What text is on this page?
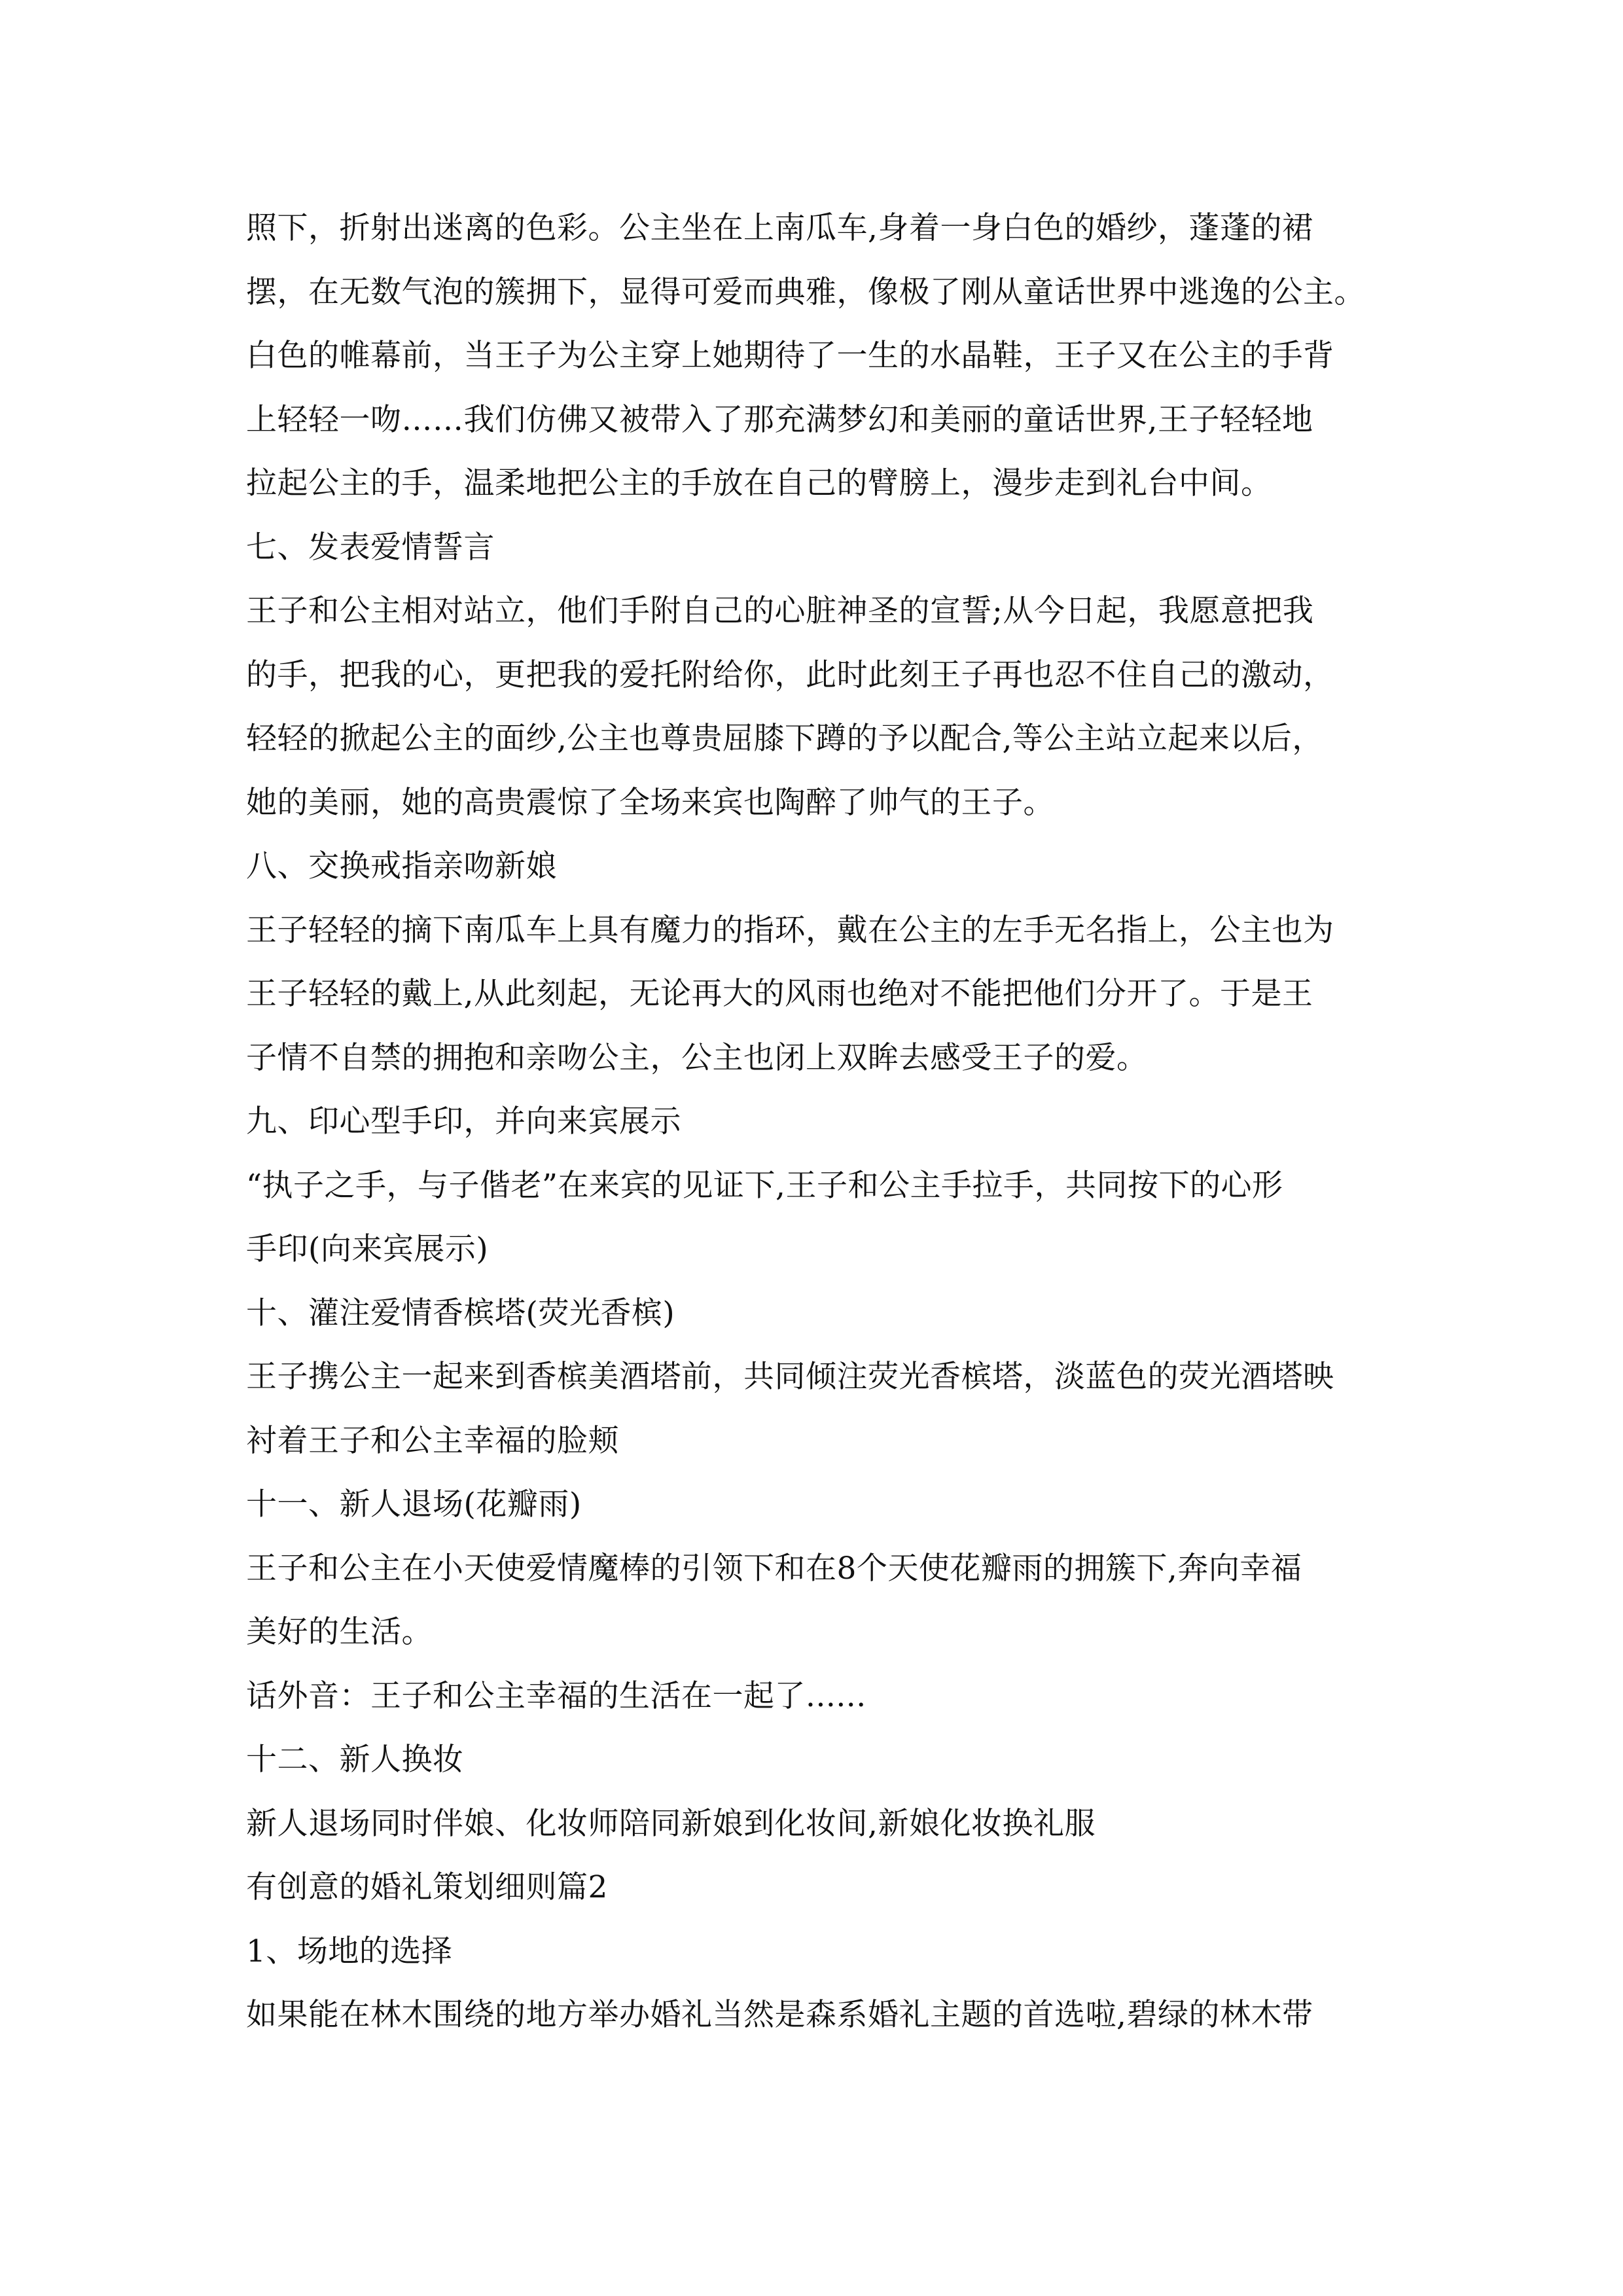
照下，折射出迷离的色彩。公主坐在上南瓜车,身着一身白色的婚纱，蓬蓬的裙

摆，在无数气泡的簇拥下，显得可爱而典雅，像极了刚从童话世界中逃逸的公主。

白色的帷幕前，当王子为公主穿上她期待了一生的水晶鞋，王子又在公主的手背

上轻轻一吻……我们仿佛又被带入了那充满梦幻和美丽的童话世界,王子轻轻地

拉起公主的手，温柔地把公主的手放在自己的臂膀上，漫步走到礼台中间。

七、发表爱情誓言

王子和公主相对站立，他们手附自己的心脏神圣的宣誓;从今日起，我愿意把我

的手，把我的心，更把我的爱托附给你，此时此刻王子再也忍不住自己的激动，

轻轻的掀起公主的面纱,公主也尊贵屈膝下蹲的予以配合,等公主站立起来以后，

她的美丽，她的高贵震惊了全场来宾也陶醉了帅气的王子。

八、交换戒指亲吻新娘

王子轻轻的摘下南瓜车上具有魔力的指环，戴在公主的左手无名指上，公主也为

王子轻轻的戴上,从此刻起，无论再大的风雨也绝对不能把他们分开了。于是王

子情不自禁的拥抱和亲吻公主，公主也闭上双眸去感受王子的爱。

九、印心型手印，并向来宾展示

“执子之手，与子偕老”在来宾的见证下,王子和公主手拉手，共同按下的心形

手印(向来宾展示)

十、灌注爱情香槟塔(荧光香槟)

王子携公主一起来到香槟美酒塔前，共同倾注荧光香槟塔，淡蓝色的荧光酒塔映

衬着王子和公主幸福的脸颊

十一、新人退场(花瓣雨)

王子和公主在小天使爱情魔棒的引领下和在8个天使花瓣雨的拥簇下,奔向幸福

美好的生活。

话外音：王子和公主幸福的生活在一起了......

十二、新人换妆

新人退场同时伴娘、化妆师陪同新娘到化妆间,新娘化妆换礼服

有创意的婚礼策划细则篇2

1、场地的选择

如果能在林木围绕的地方举办婚礼当然是森系婚礼主题的首选啦,碧绿的林木带
